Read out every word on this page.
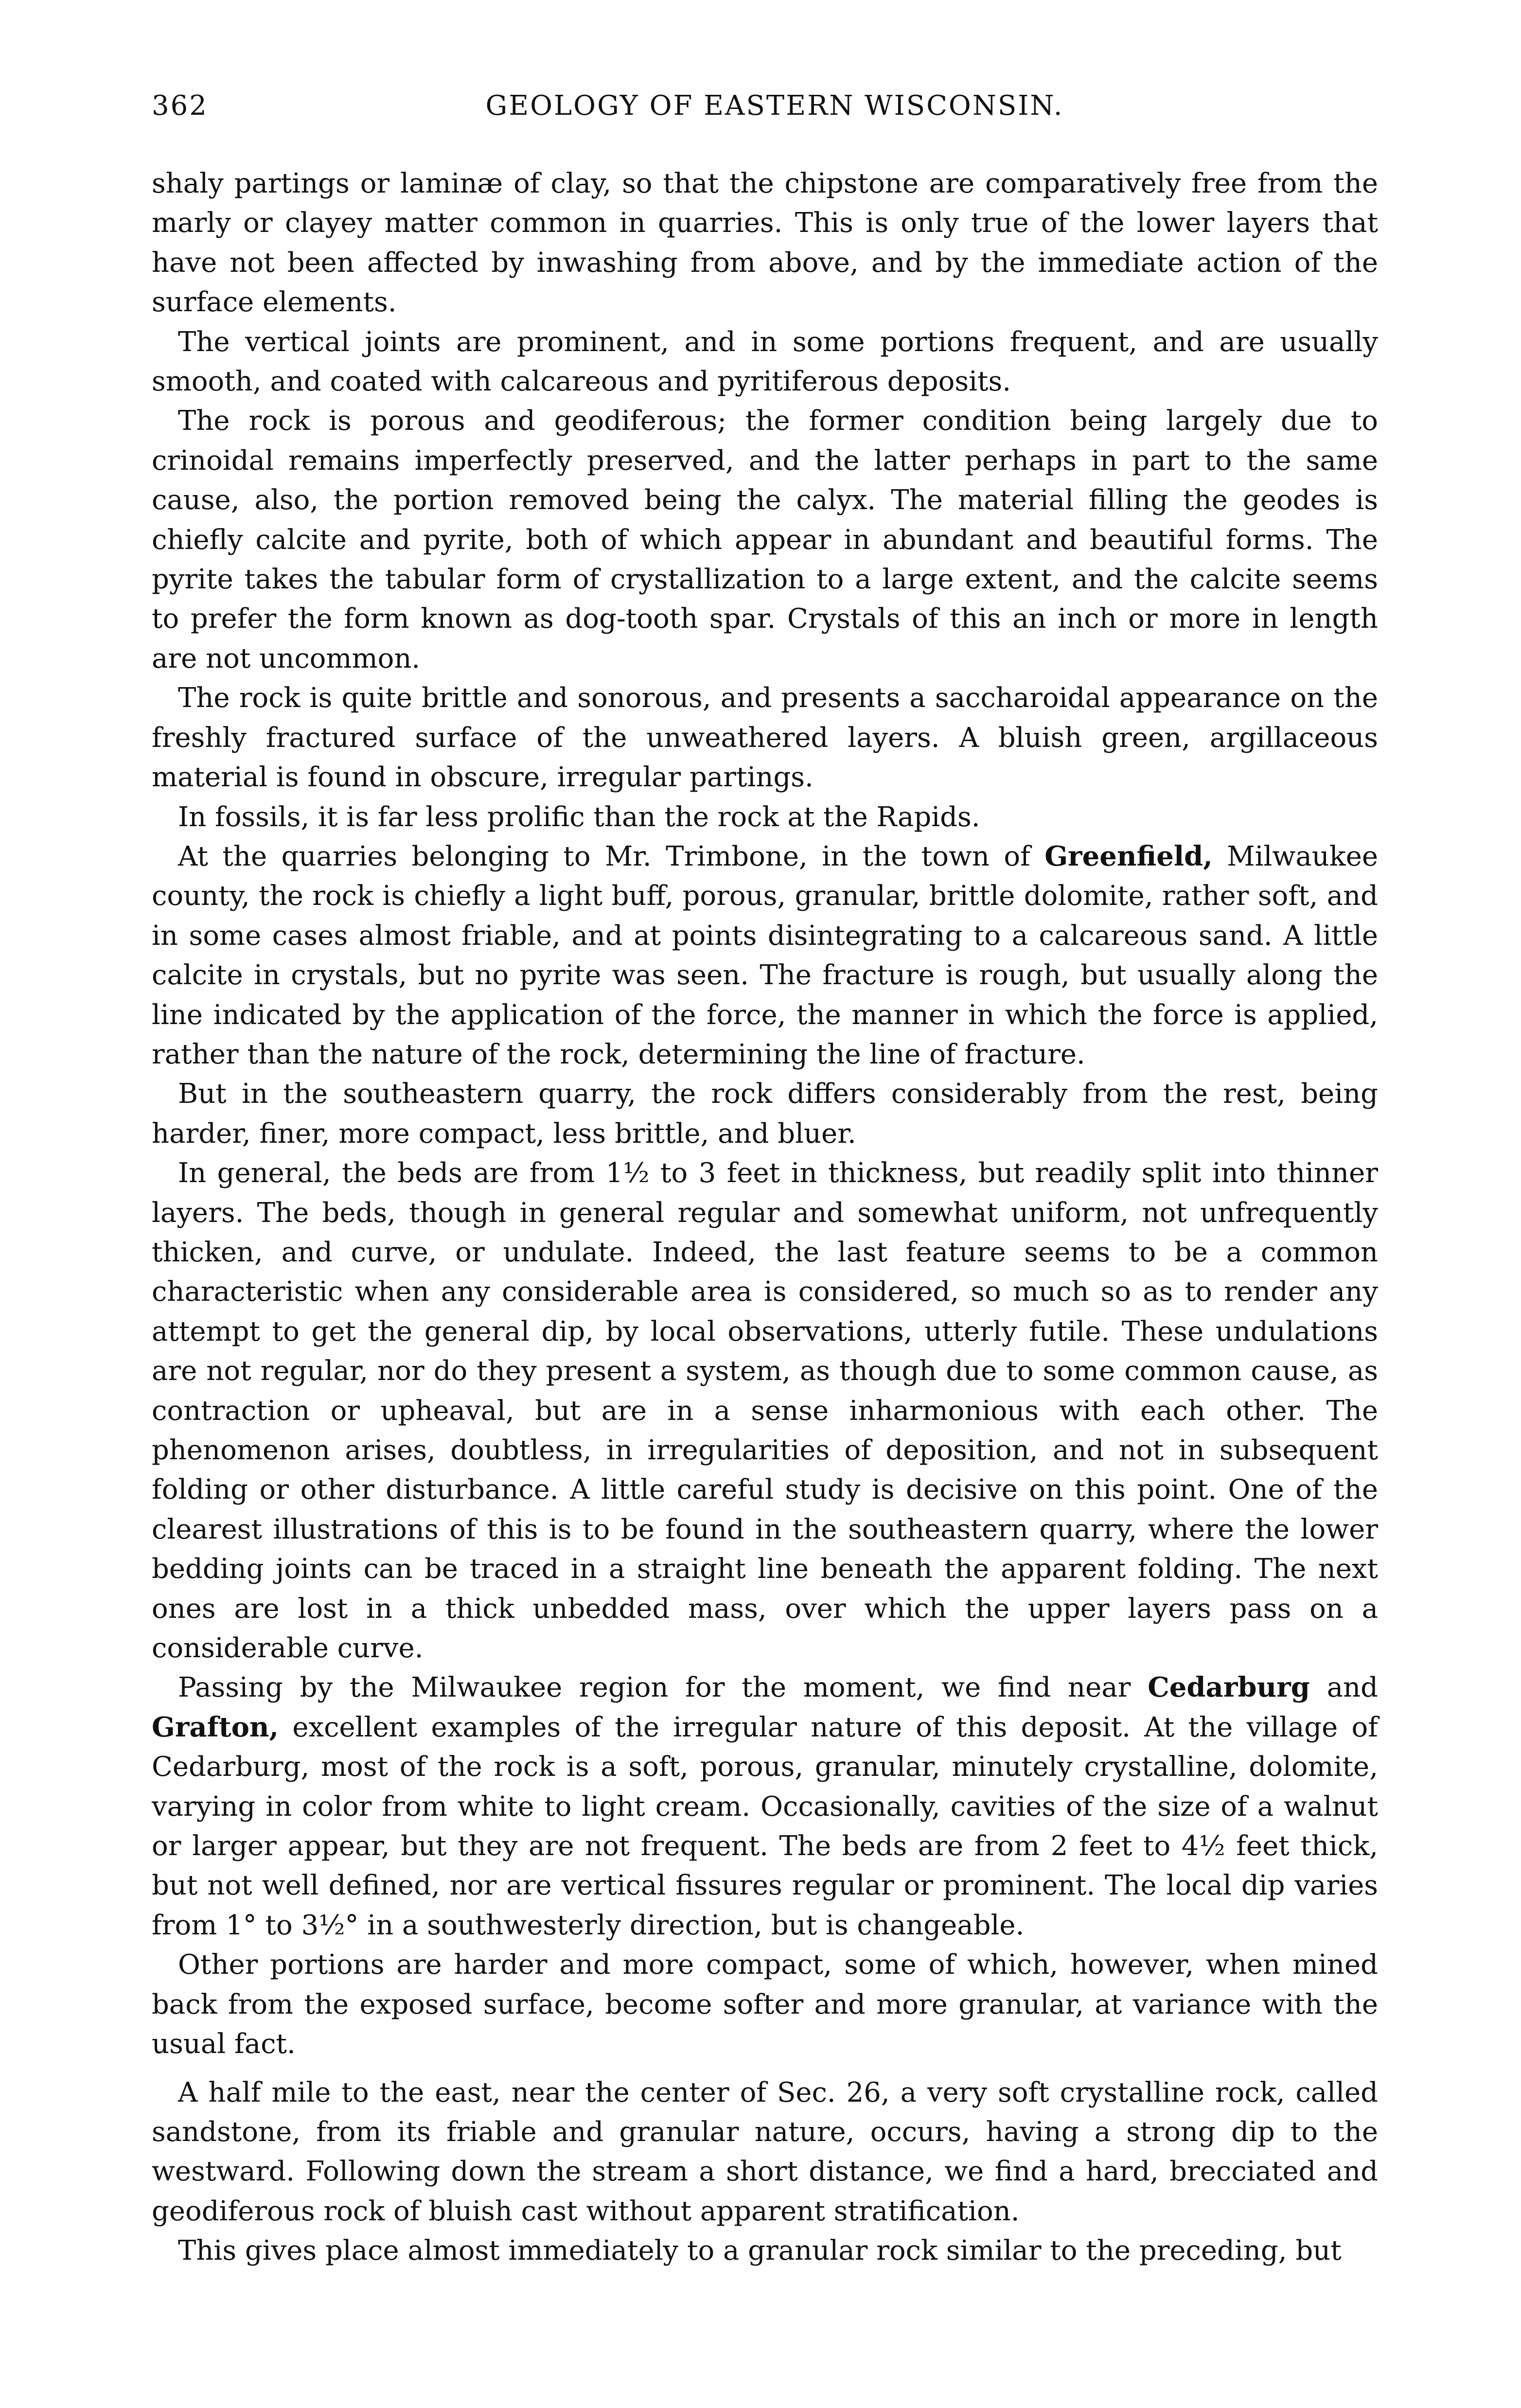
362	GEOLOGY OF EASTERN WISCONSIN.

shaly partings or laminæ of clay, so that the chipstone are comparatively free from the marly or clayey matter common in quarries. This is only true of the lower layers that have not been affected by inwashing from above, and by the immediate action of the surface elements.

The vertical joints are prominent, and in some portions frequent, and are usually smooth, and coated with calcareous and pyritiferous deposits.

The rock is porous and geodiferous; the former condition being largely due to crinoidal remains imperfectly preserved, and the latter perhaps in part to the same cause, also, the portion removed being the calyx. The material filling the geodes is chiefly calcite and pyrite, both of which appear in abundant and beautiful forms. The pyrite takes the tabular form of crystallization to a large extent, and the calcite seems to prefer the form known as dog-tooth spar. Crystals of this an inch or more in length are not uncommon.

The rock is quite brittle and sonorous, and presents a saccharoidal appearance on the freshly fractured surface of the unweathered layers. A bluish green, argillaceous material is found in obscure, irregular partings.

In fossils, it is far less prolific than the rock at the Rapids.

At the quarries belonging to Mr. Trimbone, in the town of Greenfield, Milwaukee county, the rock is chiefly a light buff, porous, granular, brittle dolomite, rather soft, and in some cases almost friable, and at points disintegrating to a calcareous sand. A little calcite in crystals, but no pyrite was seen. The fracture is rough, but usually along the line indicated by the application of the force, the manner in which the force is applied, rather than the nature of the rock, determining the line of fracture.

But in the southeastern quarry, the rock differs considerably from the rest, being harder, finer, more compact, less brittle, and bluer.

In general, the beds are from 1½ to 3 feet in thickness, but readily split into thinner layers. The beds, though in general regular and somewhat uniform, not unfrequently thicken, and curve, or undulate. Indeed, the last feature seems to be a common characteristic when any considerable area is considered, so much so as to render any attempt to get the general dip, by local observations, utterly futile. These undulations are not regular, nor do they present a system, as though due to some common cause, as contraction or upheaval, but are in a sense inharmonious with each other. The phenomenon arises, doubtless, in irregularities of deposition, and not in subsequent folding or other disturbance. A little careful study is decisive on this point. One of the clearest illustrations of this is to be found in the southeastern quarry, where the lower bedding joints can be traced in a straight line beneath the apparent folding. The next ones are lost in a thick unbedded mass, over which the upper layers pass on a considerable curve.

Passing by the Milwaukee region for the moment, we find near Cedarburg and Grafton, excellent examples of the irregular nature of this deposit. At the village of Cedarburg, most of the rock is a soft, porous, granular, minutely crystalline, dolomite, varying in color from white to light cream. Occasionally, cavities of the size of a walnut or larger appear, but they are not frequent. The beds are from 2 feet to 4½ feet thick, but not well defined, nor are vertical fissures regular or prominent. The local dip varies from 1° to 3½° in a southwesterly direction, but is changeable.

Other portions are harder and more compact, some of which, however, when mined back from the exposed surface, become softer and more granular, at variance with the usual fact.

A half mile to the east, near the center of Sec. 26, a very soft crystalline rock, called sandstone, from its friable and granular nature, occurs, having a strong dip to the westward. Following down the stream a short distance, we find a hard, brecciated and geodiferous rock of bluish cast without apparent stratification.

This gives place almost immediately to a granular rock similar to the preceding, but
